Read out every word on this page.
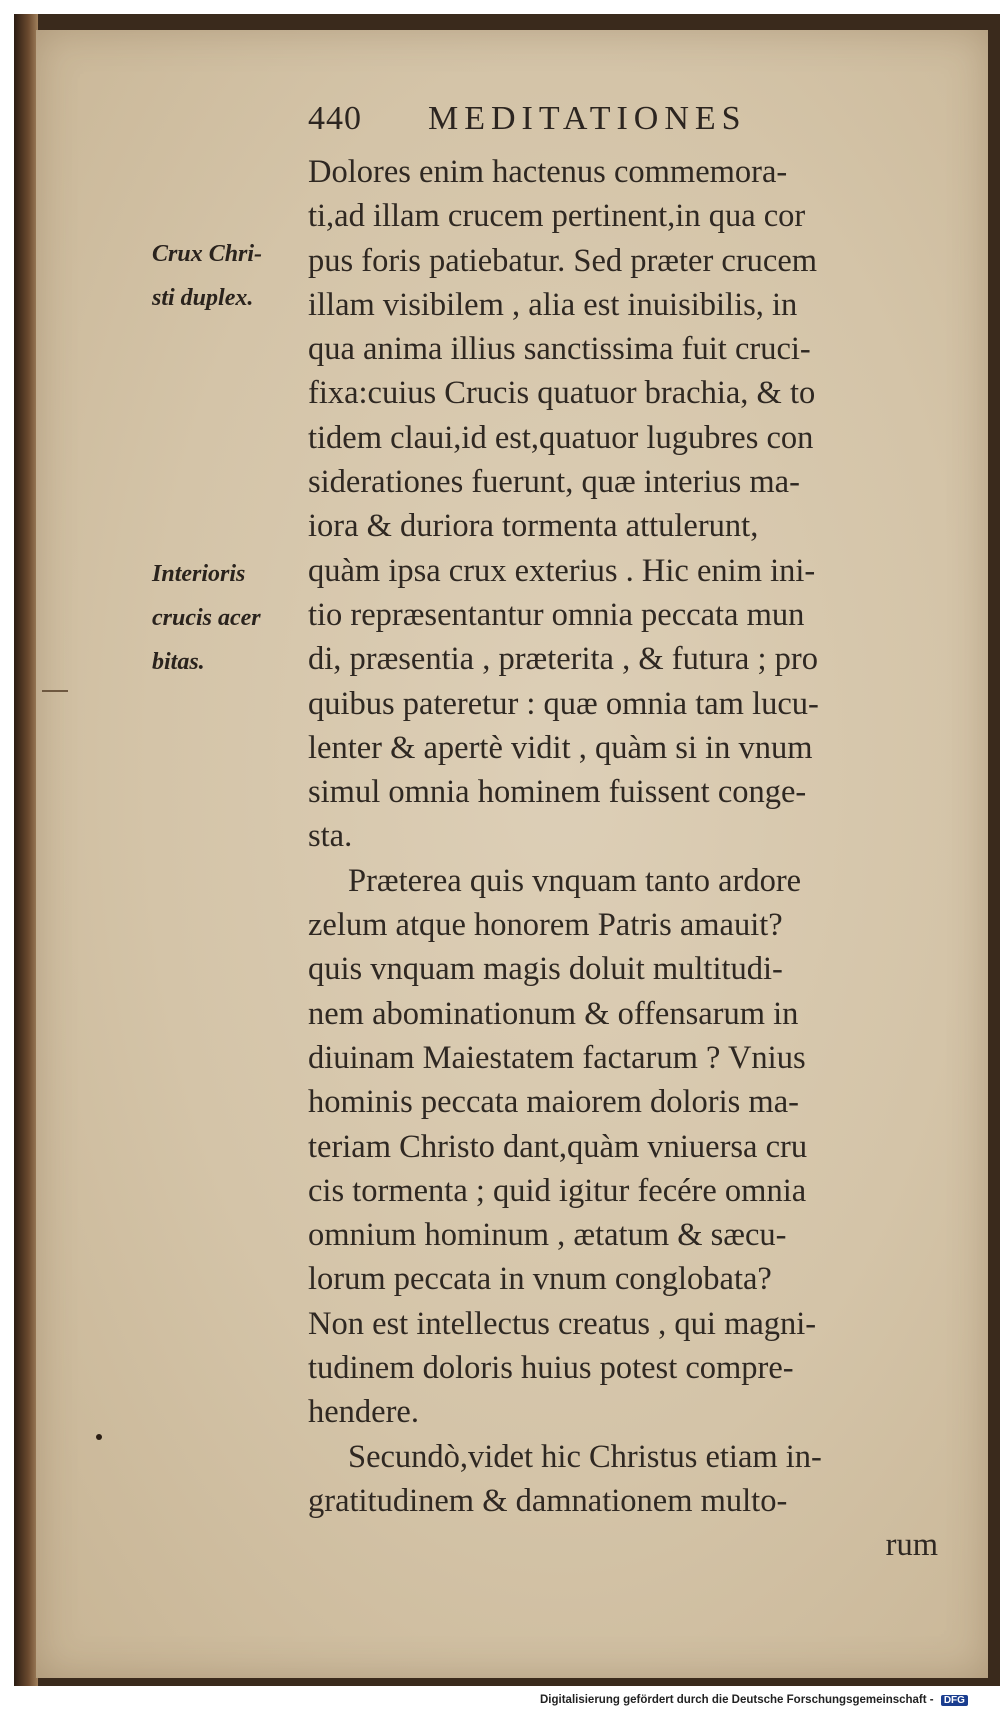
440 MEDITATIONES
Crux Chri-
sti duplex.
Interioris
crucis acer
bitas.
Dolores enim hactenus commemora-
ti,ad illam crucem pertinent,in qua cor
pus foris patiebatur. Sed præter crucem
illam visibilem , alia est inuisibilis, in
qua anima illius sanctissima fuit cruci-
fixa:cuius Crucis quatuor brachia, & to
tidem claui,id est,quatuor lugubres con
siderationes fuerunt, quæ interius ma-
iora & duriora tormenta attulerunt,
quàm ipsa crux exterius . Hic enim ini-
tio repræsentantur omnia peccata mun
di, præsentia , præterita , & futura ; pro
quibus pateretur : quæ omnia tam lucu-
lenter & apertè vidit , quàm si in vnum
simul omnia hominem fuissent conge-
sta.
Præterea quis vnquam tanto ardore
zelum atque honorem Patris amauit?
quis vnquam magis doluit multitudi-
nem abominationum & offensarum in
diuinam Maiestatem factarum ? Vnius
hominis peccata maiorem doloris ma-
teriam Christo dant,quàm vniuersa cru
cis tormenta ; quid igitur fecére omnia
omnium hominum , ætatum & sæcu-
lorum peccata in vnum conglobata?
Non est intellectus creatus , qui magni-
tudinem doloris huius potest compre-
hendere.
Secundò,videt hic Christus etiam in-
gratitudinem & damnationem multo-
rum
Digitalisierung gefördert durch die Deutsche Forschungsgemeinschaft - DFG
